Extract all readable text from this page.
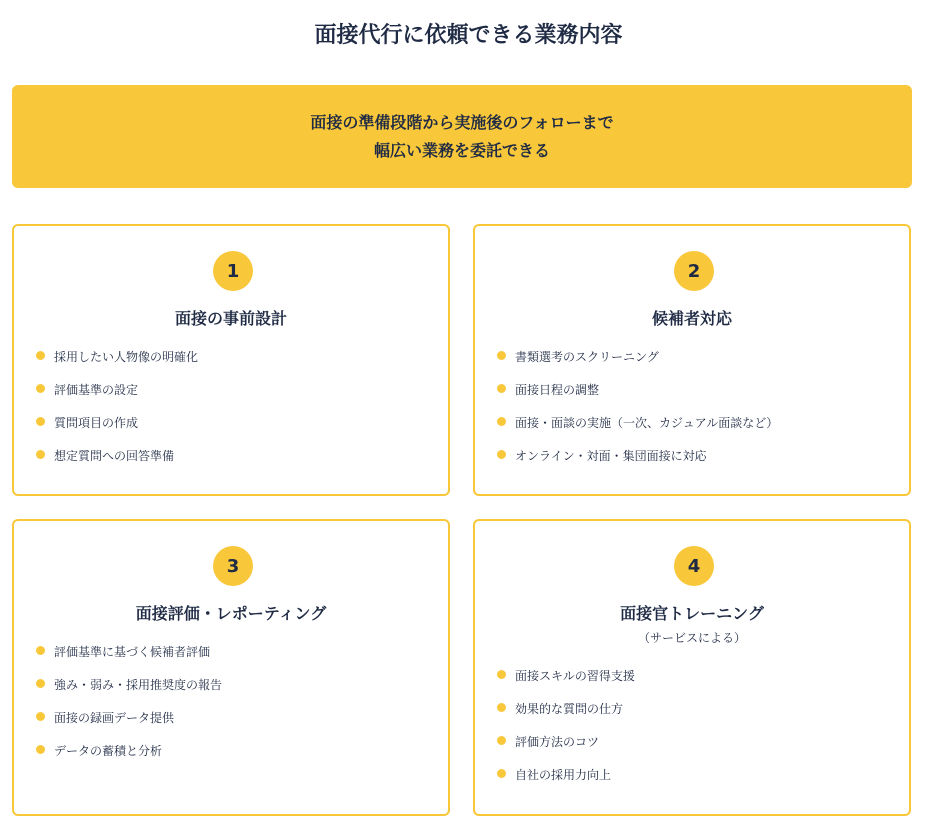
面接代行に依頼できる業務内容
面接の準備段階から実施後のフォローまで
幅広い業務を委託できる
1
面接の事前設計
採用したい人物像の明確化
評価基準の設定
質問項目の作成
想定質問への回答準備
2
候補者対応
書類選考のスクリーニング
面接日程の調整
面接・面談の実施（一次、カジュアル面談など）
オンライン・対面・集団面接に対応
3
面接評価・レポーティング
評価基準に基づく候補者評価
強み・弱み・採用推奨度の報告
面接の録画データ提供
データの蓄積と分析
4
面接官トレーニング
（サービスによる）
面接スキルの習得支援
効果的な質問の仕方
評価方法のコツ
自社の採用力向上
